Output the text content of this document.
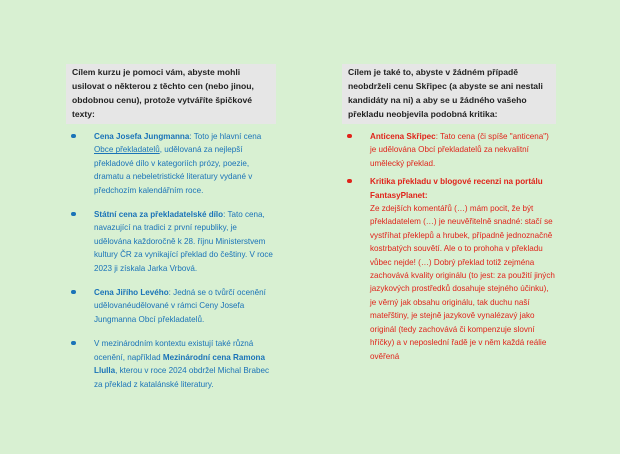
Cílem kurzu je pomoci vám, abyste mohli usilovat o některou z těchto cen (nebo jinou, obdobnou cenu), protože vytváříte špičkové texty:
Cena Josefa Jungmanna: Toto je hlavní cena Obce překladatelů, udělovaná za nejlepší překladové dílo v kategoriích prózy, poezie, dramatu a nebeletristické literatury vydané v předchozím kalendářním roce.
Státní cena za překladatelské dílo: Tato cena, navazující na tradici z první republiky, je udělována každoročně k 28. říjnu Ministerstvem kultury ČR za vynikající překlad do češtiny. V roce 2023 ji získala Jarka Vrbová.
Cena Jiřího Levého: Jedná se o tvůrčí ocenění udělovanéudělované v rámci Ceny Josefa Jungmanna Obcí překladatelů.
V mezinárodním kontextu existují také různá ocenění, například Mezinárodní cena Ramona Llulla, kterou v roce 2024 obdržel Michal Brabec za překlad z katalánské literatury.
Cílem je také to, abyste v žádném případě neobdrželi cenu Skřipec (a abyste se ani nestali kandidáty na ni) a aby se u žádného vašeho překladu neobjevila podobná kritika:
Anticena Skřipec: Tato cena (či spíše "anticena") je udělována Obcí překladatelů za nekvalitní umělecký překlad.
Kritika překladu v blogové recenzi na portálu FantasyPlanet:
Ze zdejších komentářů (…) mám pocit, že být překladatelem (…) je neuvěřitelně snadné: stačí se vystříhat překlepů a hrubek, případně jednoznačně kostrbatých souvětí. Ale o to prohoha v překladu vůbec nejde! (…) Dobrý překlad totiž zejména zachovává kvality originálu (to jest: za použití jiných jazykových prostředků dosahuje stejného účinku), je věrný jak obsahu originálu, tak duchu naší mateřštiny, je stejně jazykově vynalézavý jako originál (tedy zachovává či kompenzuje slovní hříčky) a v neposlední řadě je v něm každá reálie ověřená
